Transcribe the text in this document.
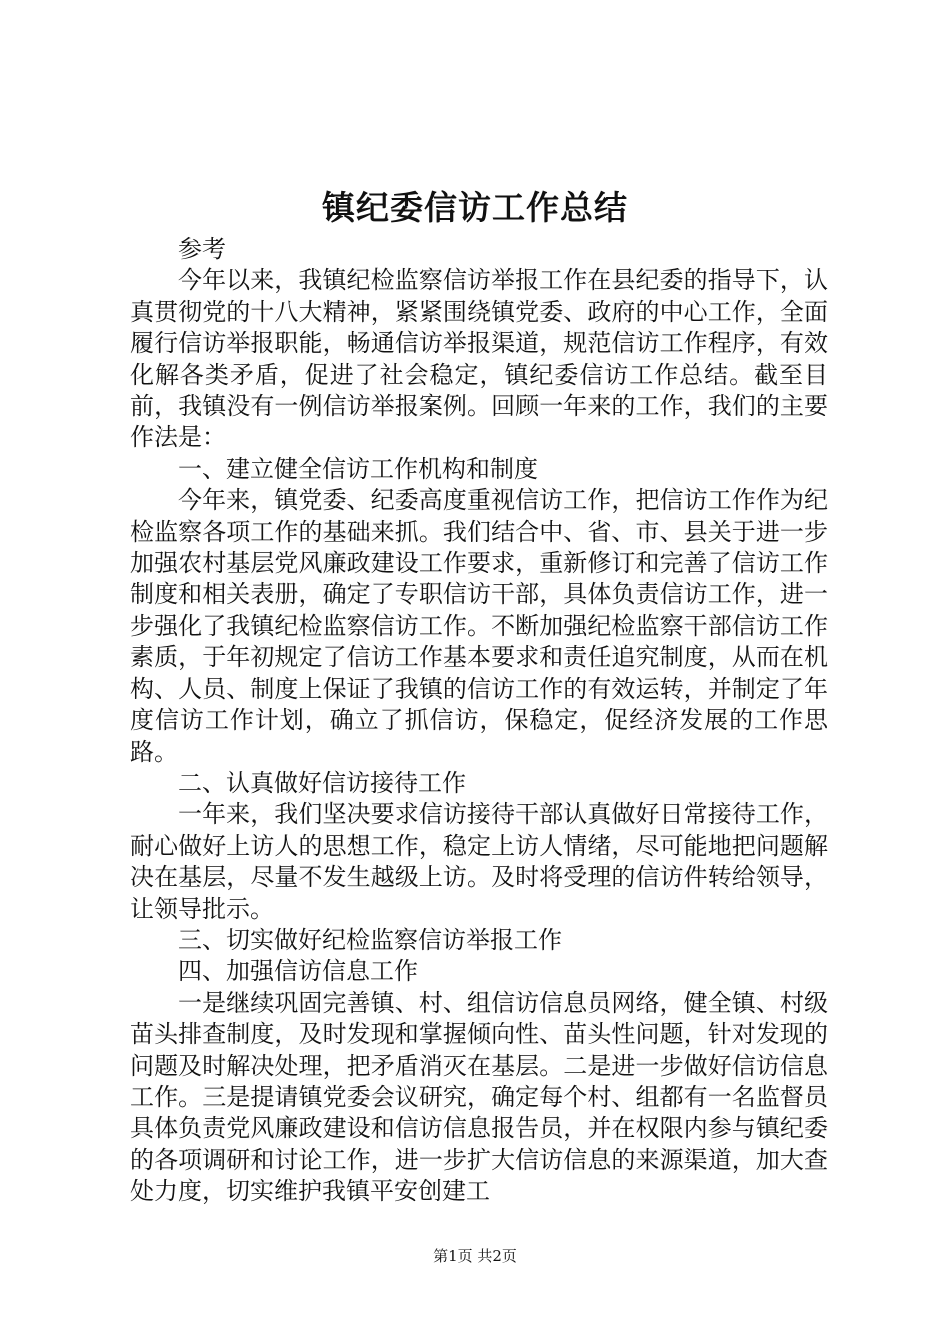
镇纪委信访工作总结

参考

今年以来，我镇纪检监察信访举报工作在县纪委的指导下，认真贯彻党的十八大精神，紧紧围绕镇党委、政府的中心工作，全面履行信访举报职能，畅通信访举报渠道，规范信访工作程序，有效化解各类矛盾，促进了社会稳定，镇纪委信访工作总结。截至目前，我镇没有一例信访举报案例。回顾一年来的工作，我们的主要作法是：

一、建立健全信访工作机构和制度

今年来，镇党委、纪委高度重视信访工作，把信访工作作为纪检监察各项工作的基础来抓。我们结合中、省、市、县关于进一步加强农村基层党风廉政建设工作要求，重新修订和完善了信访工作制度和相关表册，确定了专职信访干部，具体负责信访工作，进一步强化了我镇纪检监察信访工作。不断加强纪检监察干部信访工作素质，于年初规定了信访工作基本要求和责任追究制度，从而在机构、人员、制度上保证了我镇的信访工作的有效运转，并制定了年度信访工作计划，确立了抓信访，保稳定，促经济发展的工作思路。

二、认真做好信访接待工作

一年来，我们坚决要求信访接待干部认真做好日常接待工作，耐心做好上访人的思想工作，稳定上访人情绪，尽可能地把问题解决在基层，尽量不发生越级上访。及时将受理的信访件转给领导，让领导批示。

三、切实做好纪检监察信访举报工作

四、加强信访信息工作

一是继续巩固完善镇、村、组信访信息员网络，健全镇、村级苗头排查制度，及时发现和掌握倾向性、苗头性问题，针对发现的问题及时解决处理，把矛盾消灭在基层。二是进一步做好信访信息工作。三是提请镇党委会议研究，确定每个村、组都有一名监督员具体负责党风廉政建设和信访信息报告员，并在权限内参与镇纪委的各项调研和讨论工作，进一步扩大信访信息的来源渠道，加大查处力度，切实维护我镇平安创建工

第1页 共2页
